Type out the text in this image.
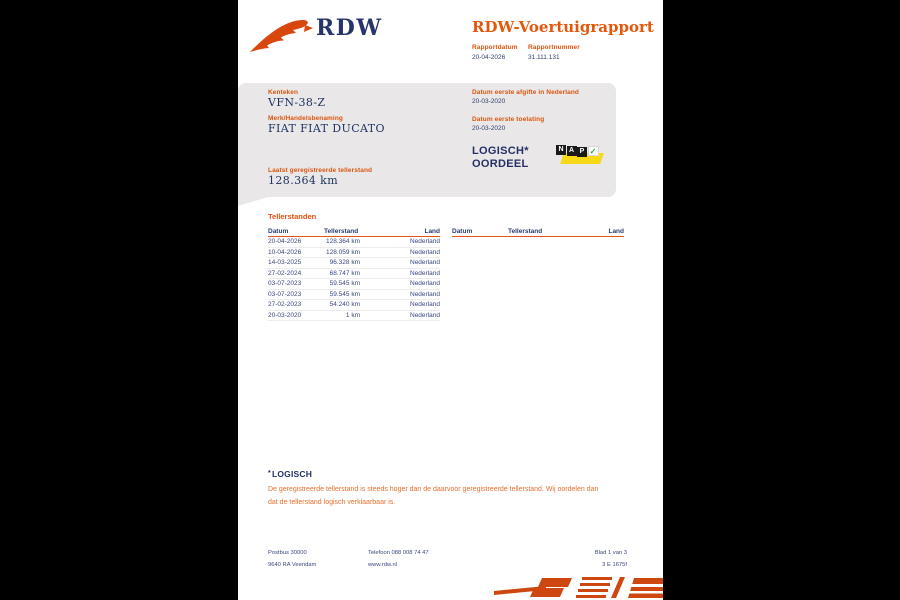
RDW	RDW-Voertuigrapport
Rapportdatum Rapportnummer
20-04-2026	31.111.131
Kenteken
VFN-38-Z
Merk/Handelsbenaming
FIAT FIAT DUCATO
Laatst geregistreerde tellerstand
128.364 km
Datum eerste afgifte in Nederland
20-03-2020
Datum eerste toelating
20-03-2020
LOGISCH*
OORDEEL
N A P ✓
Tellerstanden
Datum	Tellerstand	Land
20-04-2026	128.364 km	Nederland
10-04-2026	128.059 km	Nederland
14-03-2025	96.328 km	Nederland
27-02-2024	68.747 km	Nederland
03-07-2023	59.545 km	Nederland
03-07-2023	59.545 km	Nederland
27-02-2023	54.240 km	Nederland
20-03-2020	1 km	Nederland
Datum	Tellerstand	Land
*LOGISCH
De geregistreerde tellerstand is steeds hoger dan de daarvoor geregistreerde tellerstand. Wij oordelen dan dat de tellerstand logisch verklaarbaar is.
Postbus 30000
9640 RA Veendam
Telefoon 088 008 74 47
www.rdw.nl
Blad 1 van 3
3 E 1675f
